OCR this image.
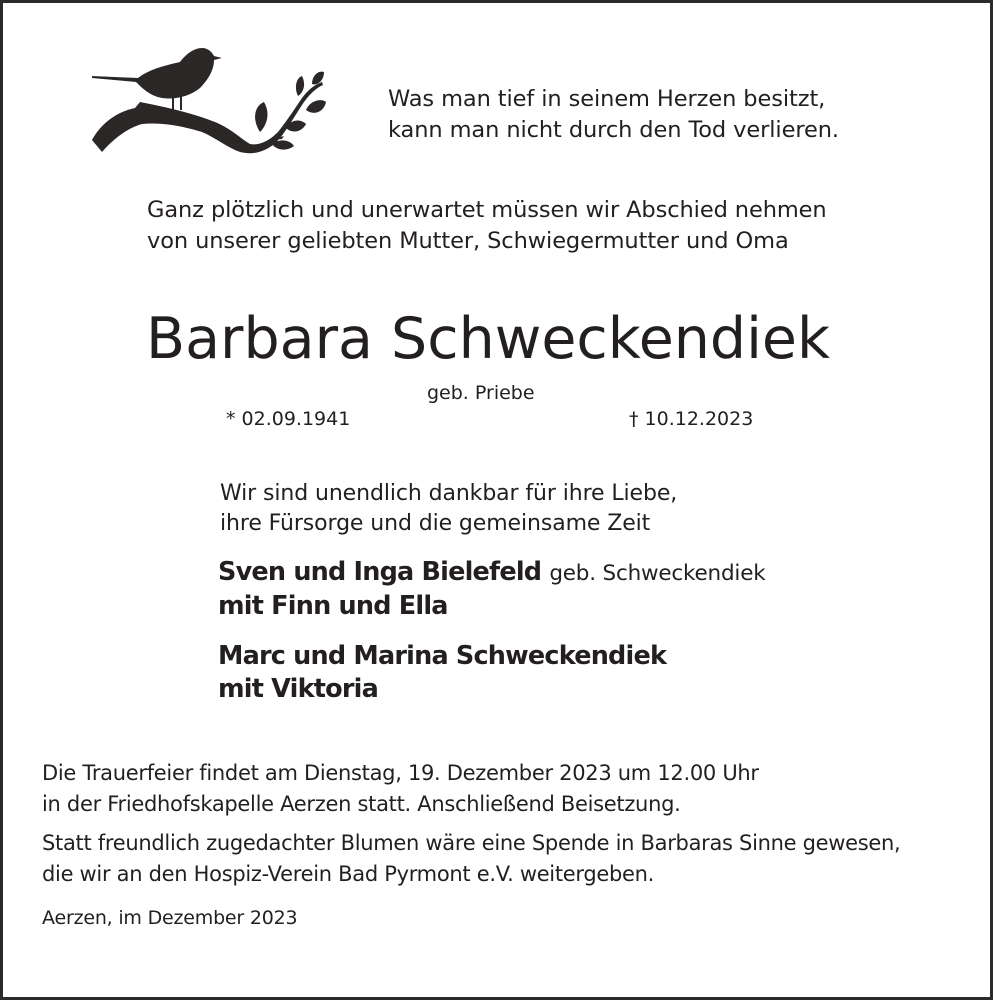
Was man tief in seinem Herzen besitzt,
kann man nicht durch den Tod verlieren.
Ganz plötzlich und unerwartet müssen wir Abschied nehmen
von unserer geliebten Mutter, Schwiegermutter und Oma
Barbara Schweckendiek
geb. Priebe
* 02.09.1941	† 10.12.2023
Wir sind unendlich dankbar für ihre Liebe,
ihre Fürsorge und die gemeinsame Zeit
Sven und Inga Bielefeld geb. Schweckendiek
mit Finn und Ella
Marc und Marina Schweckendiek
mit Viktoria
Die Trauerfeier findet am Dienstag, 19. Dezember 2023 um 12.00 Uhr
in der Friedhofskapelle Aerzen statt. Anschließend Beisetzung.
Statt freundlich zugedachter Blumen wäre eine Spende in Barbaras Sinne gewesen,
die wir an den Hospiz-Verein Bad Pyrmont e.V. weitergeben.
Aerzen, im Dezember 2023
